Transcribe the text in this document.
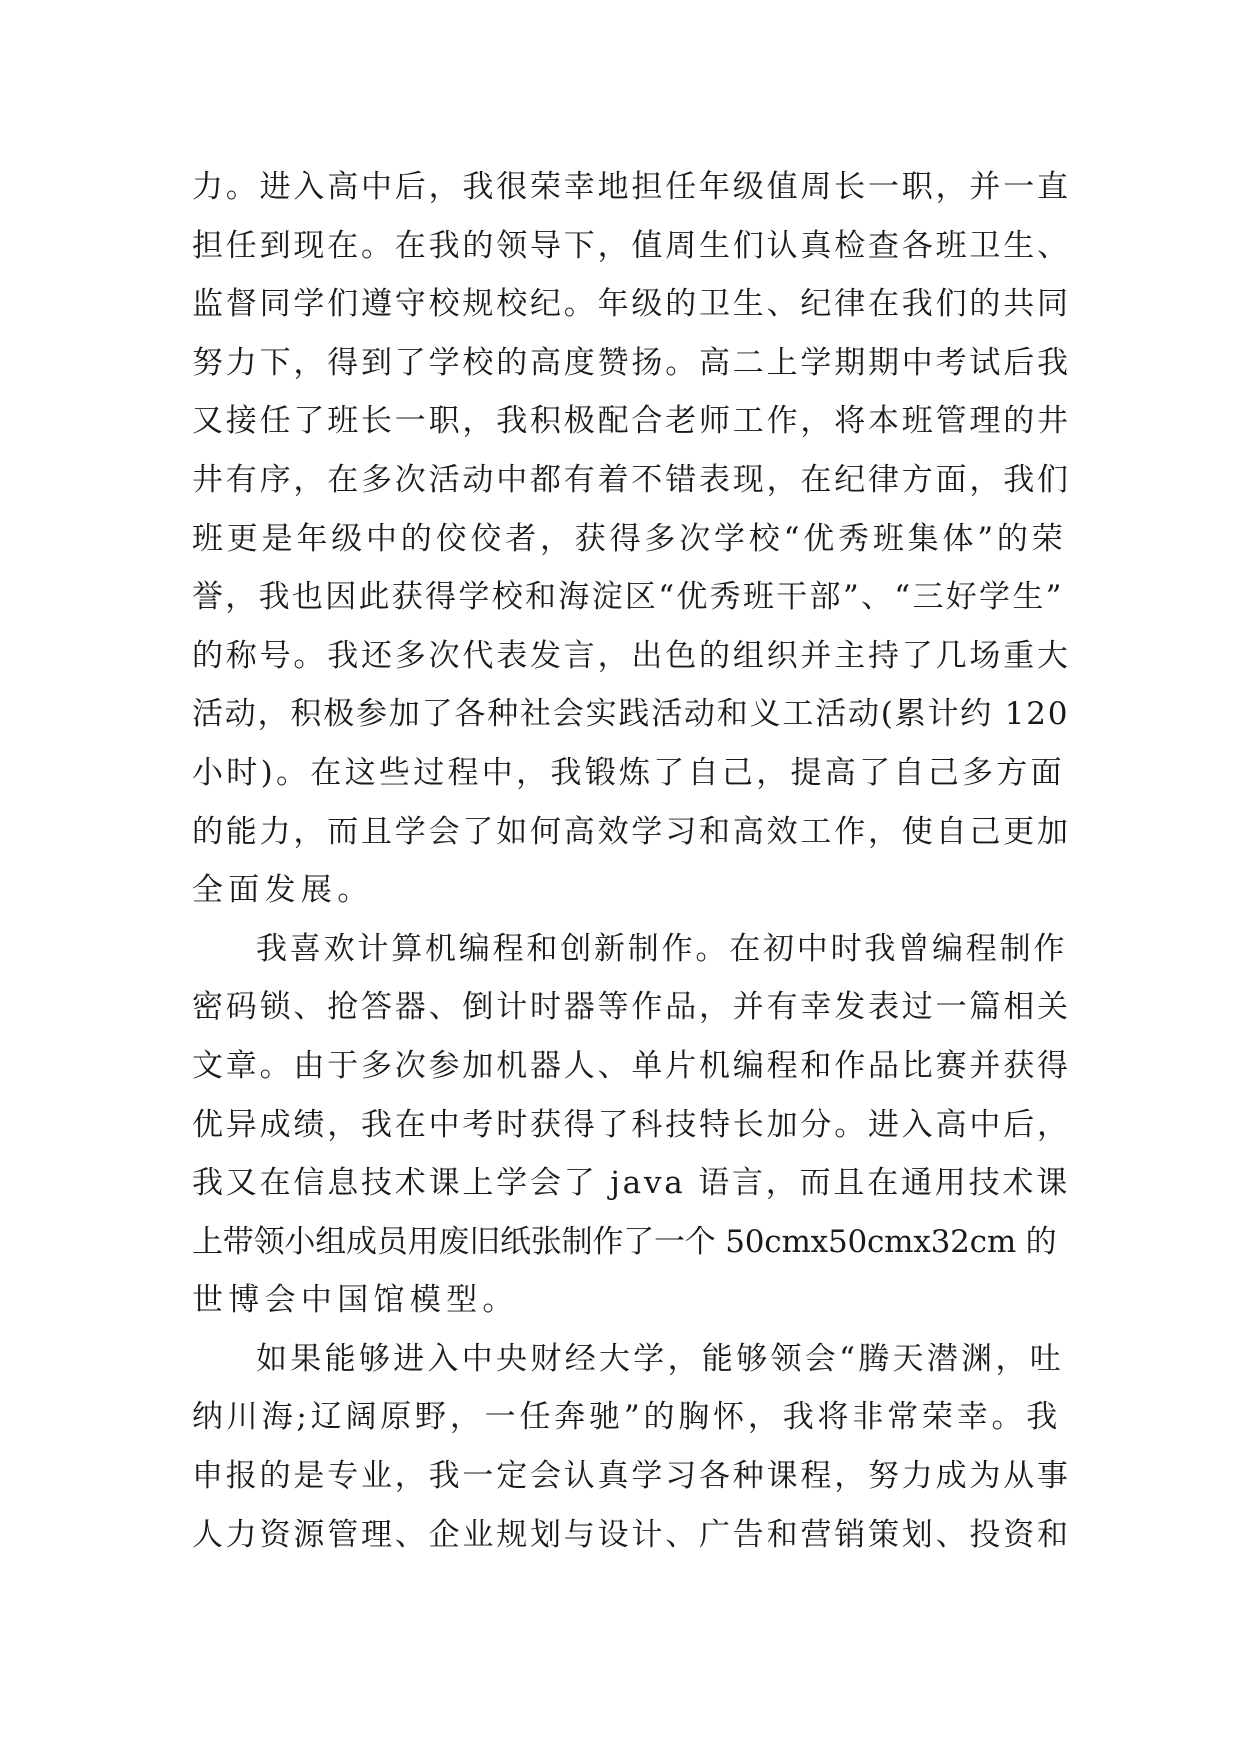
力。进入高中后，我很荣幸地担任年级值周长一职，并一直
担任到现在。在我的领导下，值周生们认真检查各班卫生、
监督同学们遵守校规校纪。年级的卫生、纪律在我们的共同
努力下，得到了学校的高度赞扬。高二上学期期中考试后我
又接任了班长一职，我积极配合老师工作，将本班管理的井
井有序，在多次活动中都有着不错表现，在纪律方面，我们
班更是年级中的佼佼者，获得多次学校“优秀班集体”的荣
誉，我也因此获得学校和海淀区“优秀班干部”、“三好学生”
的称号。我还多次代表发言，出色的组织并主持了几场重大
活动，积极参加了各种社会实践活动和义工活动(累计约 120
小时)。在这些过程中，我锻炼了自己，提高了自己多方面
的能力，而且学会了如何高效学习和高效工作，使自己更加
全面发展。
我喜欢计算机编程和创新制作。在初中时我曾编程制作
密码锁、抢答器、倒计时器等作品，并有幸发表过一篇相关
文章。由于多次参加机器人、单片机编程和作品比赛并获得
优异成绩，我在中考时获得了科技特长加分。进入高中后，
我又在信息技术课上学会了 java 语言，而且在通用技术课
上带领小组成员用废旧纸张制作了一个 50cmx50cmx32cm 的
世博会中国馆模型。
如果能够进入中央财经大学，能够领会“腾天潜渊，吐
纳川海;辽阔原野，一任奔驰”的胸怀，我将非常荣幸。我
申报的是专业，我一定会认真学习各种课程，努力成为从事
人力资源管理、企业规划与设计、广告和营销策划、投资和
